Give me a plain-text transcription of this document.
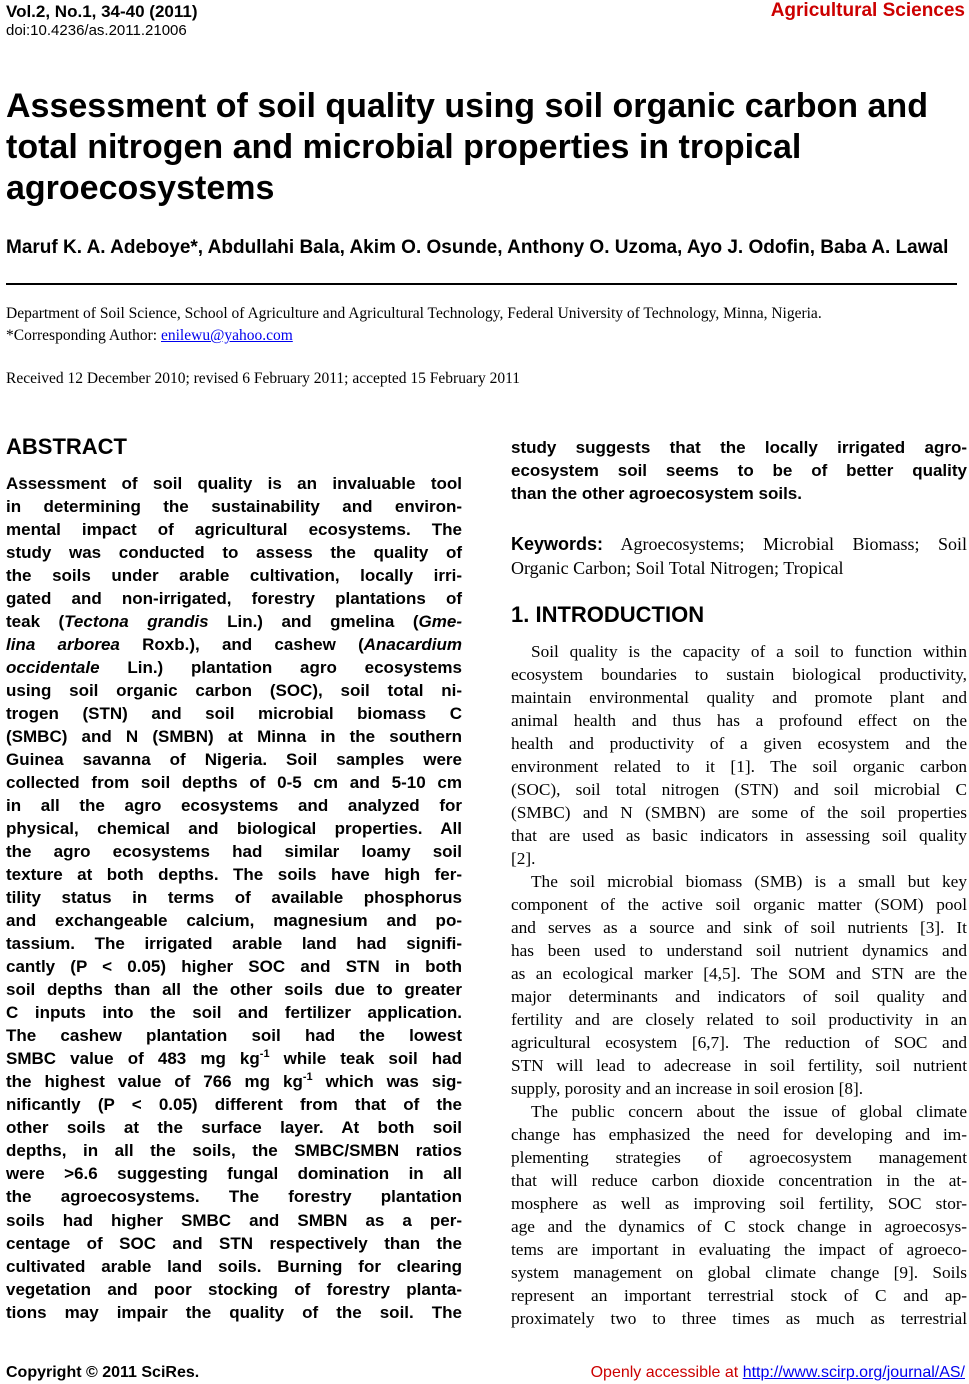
Vol.2, No.1, 34-40 (2011)
doi:10.4236/as.2011.21006
Agricultural Sciences
Assessment of soil quality using soil organic carbon and total nitrogen and microbial properties in tropical agroecosystems
Maruf K. A. Adeboye*, Abdullahi Bala, Akim O. Osunde, Anthony O. Uzoma, Ayo J. Odofin, Baba A. Lawal
Department of Soil Science, School of Agriculture and Agricultural Technology, Federal University of Technology, Minna, Nigeria.
*Corresponding Author: enilewu@yahoo.com
Received 12 December 2010; revised 6 February 2011; accepted 15 February 2011
ABSTRACT
Assessment of soil quality is an invaluable tool
in determining the sustainability and environ-
mental impact of agricultural ecosystems. The
study was conducted to assess the quality of
the soils under arable cultivation, locally irri-
gated and non-irrigated, forestry plantations of
teak (Tectona grandis Lin.) and gmelina (Gme-
lina arborea Roxb.), and cashew (Anacardium
occidentale Lin.) plantation agro ecosystems
using soil organic carbon (SOC), soil total ni-
trogen (STN) and soil microbial biomass C
(SMBC) and N (SMBN) at Minna in the southern
Guinea savanna of Nigeria. Soil samples were
collected from soil depths of 0-5 cm and 5-10 cm
in all the agro ecosystems and analyzed for
physical, chemical and biological properties. All
the agro ecosystems had similar loamy soil
texture at both depths. The soils have high fer-
tility status in terms of available phosphorus
and exchangeable calcium, magnesium and po-
tassium. The irrigated arable land had signifi-
cantly (P < 0.05) higher SOC and STN in both
soil depths than all the other soils due to greater
C inputs into the soil and fertilizer application.
The cashew plantation soil had the lowest
SMBC value of 483 mg $kg^{-1}$ while teak soil had
the highest value of 766 mg $kg^{-1}$ which was sig-
nificantly (P < 0.05) different from that of the
other soils at the surface layer. At both soil
depths, in all the soils, the SMBC/SMBN ratios
were >6.6 suggesting fungal domination in all
the agroecosystems. The forestry plantation
soils had higher SMBC and SMBN as a per-
centage of SOC and STN respectively than the
cultivated arable land soils. Burning for clearing
vegetation and poor stocking of forestry planta-
tions may impair the quality of the soil. The
study suggests that the locally irrigated agro-
ecosystem soil seems to be of better quality
than the other agroecosystem soils.
Keywords: Agroecosystems; Microbial Biomass; Soil Organic Carbon; Soil Total Nitrogen; Tropical
1. INTRODUCTION
Soil quality is the capacity of a soil to function within
ecosystem boundaries to sustain biological productivity,
maintain environmental quality and promote plant and
animal health and thus has a profound effect on the
health and productivity of a given ecosystem and the
environment related to it [1]. The soil organic carbon
(SOC), soil total nitrogen (STN) and soil microbial C
(SMBC) and N (SMBN) are some of the soil properties
that are used as basic indicators in assessing soil quality
[2].
The soil microbial biomass (SMB) is a small but key
component of the active soil organic matter (SOM) pool
and serves as a source and sink of soil nutrients [3]. It
has been used to understand soil nutrient dynamics and
as an ecological marker [4,5]. The SOM and STN are the
major determinants and indicators of soil quality and
fertility and are closely related to soil productivity in an
agricultural ecosystem [6,7]. The reduction of SOC and
STN will lead to adecrease in soil fertility, soil nutrient
supply, porosity and an increase in soil erosion [8].
The public concern about the issue of global climate
change has emphasized the need for developing and im-
plementing strategies of agroecosystem management
that will reduce carbon dioxide concentration in the at-
mosphere as well as improving soil fertility, SOC stor-
age and the dynamics of C stock change in agroecosys-
tems are important in evaluating the impact of agroeco-
system management on global climate change [9]. Soils
represent an important terrestrial stock of C and ap-
proximately two to three times as much as terrestrial
Copyright © 2011 SciRes.	Openly accessible at http://www.scirp.org/journal/AS/
